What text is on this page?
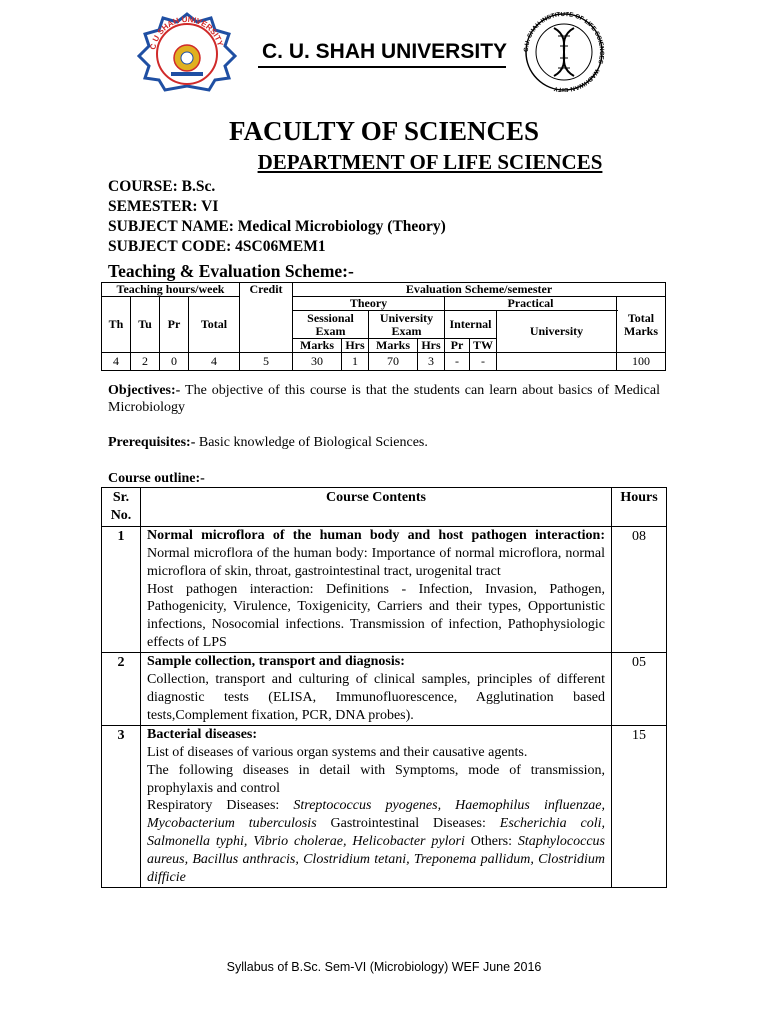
C U SHAH UNIVERSITY C. U. SHAH UNIVERSITY	C.U. SHAH INSTITUTE OF LIFE SCIENCES · WADHWAN CITY
FACULTY OF SCIENCES
DEPARTMENT OF LIFE SCIENCES
COURSE: B.Sc.
SEMESTER: VI
SUBJECT NAME: Medical Microbiology (Theory)
SUBJECT CODE: 4SC06MEM1
Teaching & Evaluation Scheme:-
Teaching hours/week				Credit	Evaluation Scheme/semester							
Th	Tu	Pr	Total		Theory				Practical			Total Marks
					Sessional Exam		University Exam		Internal		University	
					Marks	Hrs	Marks	Hrs	Pr	TW		
4	2	0	4	5	30	1	70	3	-	-		100
Objectives:- The objective of this course is that the students can learn about basics of Medical Microbiology
Prerequisites:- Basic knowledge of Biological Sciences.
Course outline:-
Sr. No.	Course Contents	Hours
1	Normal microflora of the human body and host pathogen interaction: Normal microflora of the human body: Importance of normal microflora, normal microflora of skin, throat, gastrointestinal tract, urogenital tract
Host pathogen interaction: Definitions - Infection, Invasion, Pathogen, Pathogenicity, Virulence, Toxigenicity, Carriers and their types, Opportunistic infections, Nosocomial infections. Transmission of infection, Pathophysiologic effects of LPS	08
2	Sample collection, transport and diagnosis:
Collection, transport and culturing of clinical samples, principles of different diagnostic tests (ELISA, Immunofluorescence, Agglutination based tests,Complement fixation, PCR, DNA probes).	05
3	Bacterial diseases:
List of diseases of various organ systems and their causative agents.
The following diseases in detail with Symptoms, mode of transmission, prophylaxis and control
Respiratory Diseases: Streptococcus pyogenes, Haemophilus influenzae, Mycobacterium tuberculosis Gastrointestinal Diseases: Escherichia coli, Salmonella typhi, Vibrio cholerae, Helicobacter pylori Others: Staphylococcus aureus, Bacillus anthracis, Clostridium tetani, Treponema pallidum, Clostridium difficie	15
Syllabus of B.Sc. Sem-VI (Microbiology) WEF June 2016
